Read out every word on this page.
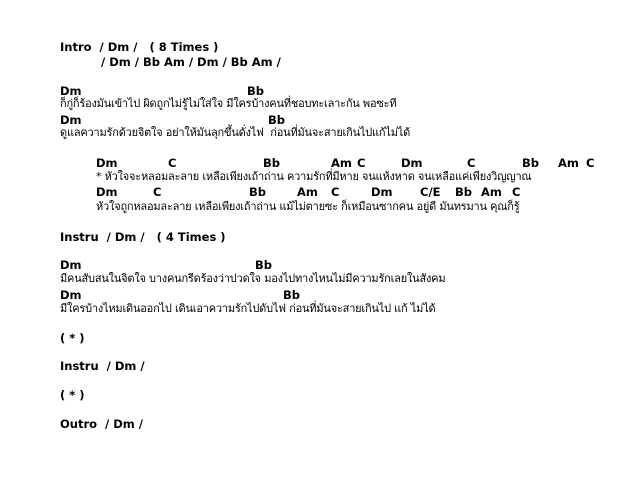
Intro  / Dm /   ( 8 Times )
/ Dm / Bb Am / Dm / Bb Am /
Dm	Bb
ก็กู่ก็ร้องมันเข้าไป ผิดถูกไม่รู้ไม่ใส่ใจ มีใครบ้างคนที่ชอบทะเลาะกัน พอซะที
Dm	Bb
ดูแลความรักด้วยจิตใจ อย่าให้มันลุกขึ้นดั่งไฟ  ก่อนที่มันจะสายเกินไปแก้ไม่ได้
Dm	C	Bb	Am C	Dm	C	Bb Am C
* หัวใจจะหลอมละลาย เหลือเพียงเถ้าถ่าน ความรักที่มีหาย จนแห้งหาด จนเหลือแค่เพียงวิญญาณ
Dm	C	Bb	Am C	Dm C/E Bb Am C
หัวใจถูกหลอมละลาย เหลือเพียงเถ้าถ่าน แม้ไม่ตายซะ ก็เหมือนซากคน อยู่ดี มันทรมาน คุณก็รู้
Instru  / Dm /   ( 4 Times )
Dm	Bb
มีคนสับสนในจิตใจ บางคนกรีดร้องว่าปวดใจ มองไปทางไหนไม่มีความรักเลยในสังคม
Dm	Bb
มีใครบ้างไหมเดินออกไป เดินเอาความรักไปดับไฟ ก่อนที่มันจะสายเกินไป แก้ ไม่ได้
( * )
Instru  / Dm /
( * )
Outro  / Dm /
